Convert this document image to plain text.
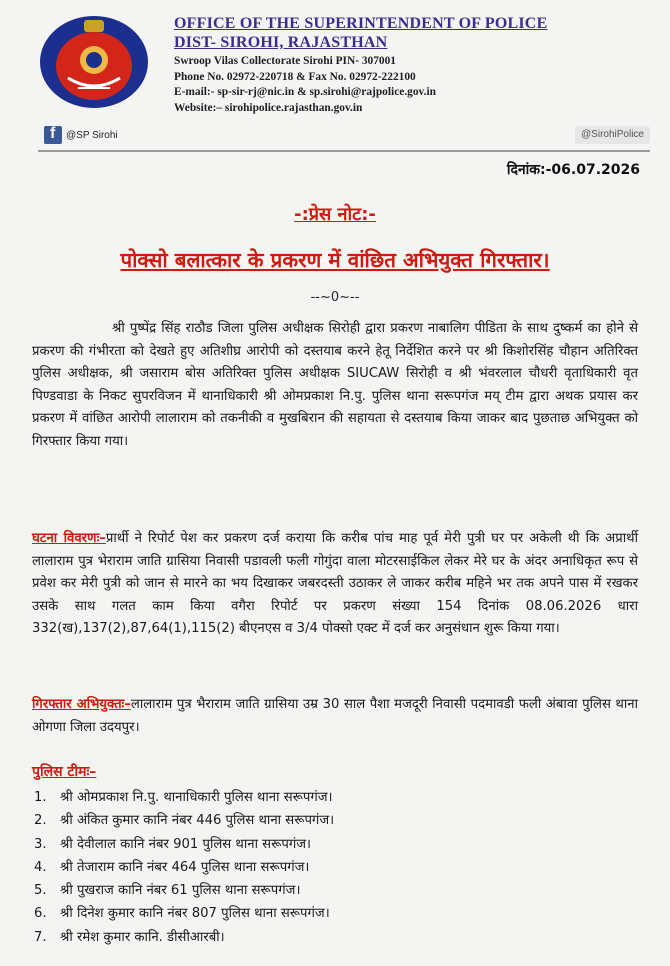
OFFICE OF THE SUPERINTENDENT OF POLICE
DIST- SIROHI, RAJASTHAN
Swroop Vilas Collectorate Sirohi PIN- 307001
Phone No. 02972-220718 & Fax No. 02972-222100
E-mail:- sp-sir-rj@nic.in & sp.sirohi@rajpolice.gov.in
Website:– sirohipolice.rajasthan.gov.in
f @SP Sirohi	@SirohiPolice
दिनांक:-06.07.2026
-:प्रेस नोट:-
पोक्सो बलात्कार के प्रकरण में वांछित अभियुक्त गिरफ्तार।
--~0~--
श्री पुष्पेंद्र सिंह राठौड जिला पुलिस अधीक्षक सिरोही द्वारा प्रकरण नाबालिग पीडिता के साथ दुष्कर्म का होने से प्रकरण की गंभीरता को देखते हुए अतिशीघ्र आरोपी को दस्तयाब करने हेतू निर्देशित करने पर श्री किशोरसिंह चौहान अतिरिक्त पुलिस अधीक्षक, श्री जसाराम बोस अतिरिक्त पुलिस अधीक्षक SIUCAW सिरोही व श्री भंवरलाल चौधरी वृताधिकारी वृत पिण्डवाडा के निकट सुपरविजन में थानाधिकारी श्री ओमप्रकाश नि.पु. पुलिस थाना सरूपगंज मय् टीम द्वारा अथक प्रयास कर प्रकरण में वांछित आरोपी लालाराम को तकनीकी व मुखबिरान की सहायता से दस्तयाब किया जाकर बाद पुछताछ अभियुक्त को गिरफ्तार किया गया।
घटना विवरणः–प्रार्थी ने रिपोर्ट पेश कर प्रकरण दर्ज कराया कि करीब पांच माह पूर्व मेरी पुत्री घर पर अकेली थी कि अप्रार्थी लालाराम पुत्र भेराराम जाति ग्रासिया निवासी पडावली फली गोगुंदा वाला मोटरसाईकिल लेकर मेरे घर के अंदर अनाधिकृत रूप से प्रवेश कर मेरी पुत्री को जान से मारने का भय दिखाकर जबरदस्ती उठाकर ले जाकर करीब महिने भर तक अपने पास में रखकर उसके साथ गलत काम किया वगैरा रिपोर्ट पर प्रकरण संख्या 154 दिनांक 08.06.2026 धारा 332(ख),137(2),87,64(1),115(2) बीएनएस व 3/4 पोक्सो एक्ट में दर्ज कर अनुसंधान शुरू किया गया।
गिरफ्तार अभियुक्तः–लालाराम पुत्र भैराराम जाति ग्रासिया उम्र 30 साल पैशा मजदूरी निवासी पदमावडी फली अंबावा पुलिस थाना ओगणा जिला उदयपुर।
पुलिस टीमः–
1. श्री ओमप्रकाश नि.पु. थानाधिकारी पुलिस थाना सरूपगंज।
2. श्री अंकित कुमार कानि नंबर 446 पुलिस थाना सरूपगंज।
3. श्री देवीलाल कानि नंबर 901 पुलिस थाना सरूपगंज।
4. श्री तेजाराम कानि नंबर 464 पुलिस थाना सरूपगंज।
5. श्री पुखराज कानि नंबर 61 पुलिस थाना सरूपगंज।
6. श्री दिनेश कुमार कानि नंबर 807 पुलिस थाना सरूपगंज।
7. श्री रमेश कुमार कानि. डीसीआरबी।
